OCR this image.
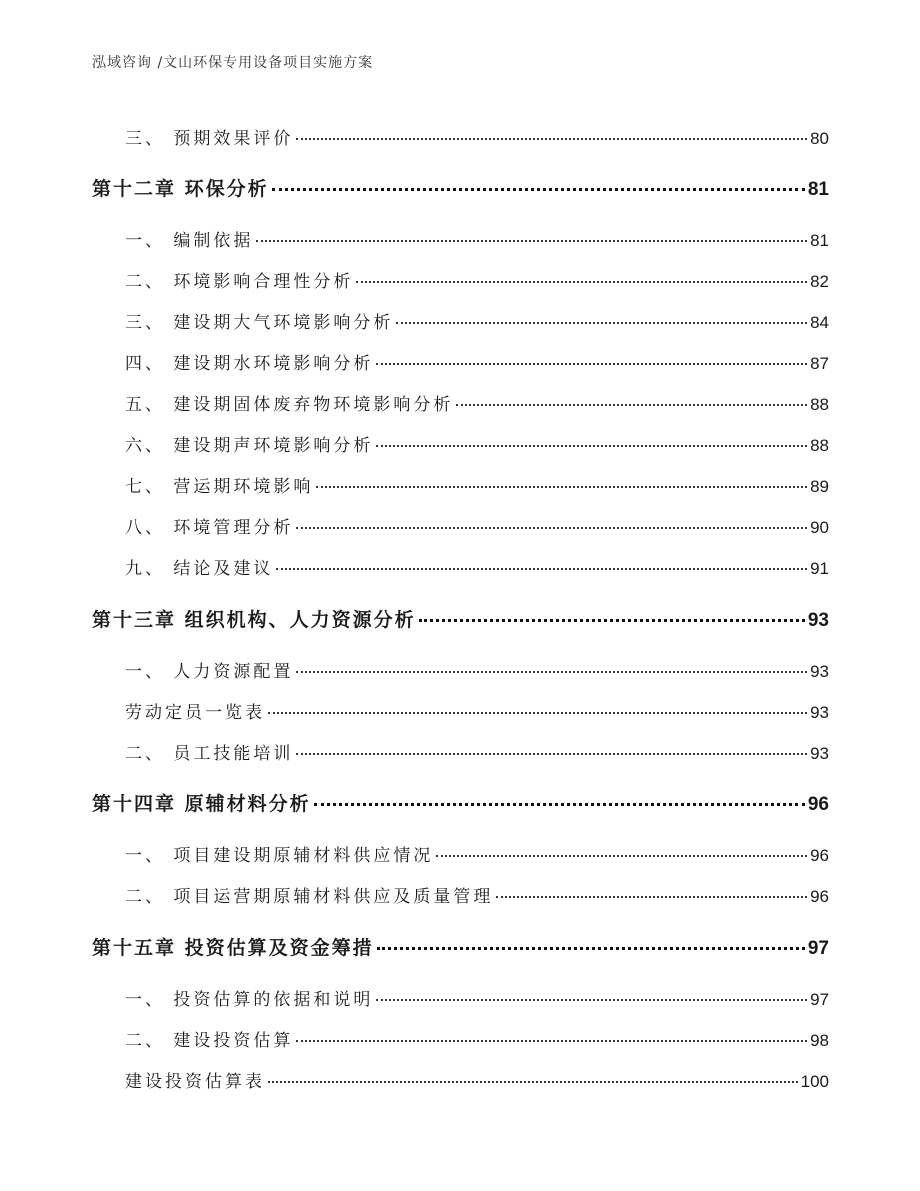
泓域咨询 /文山环保专用设备项目实施方案
三、 预期效果评价	80
第十二章 环保分析	81
一、 编制依据	81
二、 环境影响合理性分析	82
三、 建设期大气环境影响分析	84
四、 建设期水环境影响分析	87
五、 建设期固体废弃物环境影响分析	88
六、 建设期声环境影响分析	88
七、 营运期环境影响	89
八、 环境管理分析	90
九、 结论及建议	91
第十三章 组织机构、人力资源分析	93
一、 人力资源配置	93
劳动定员一览表	93
二、 员工技能培训	93
第十四章 原辅材料分析	96
一、 项目建设期原辅材料供应情况	96
二、 项目运营期原辅材料供应及质量管理	96
第十五章 投资估算及资金筹措	97
一、 投资估算的依据和说明	97
二、 建设投资估算	98
建设投资估算表	100
